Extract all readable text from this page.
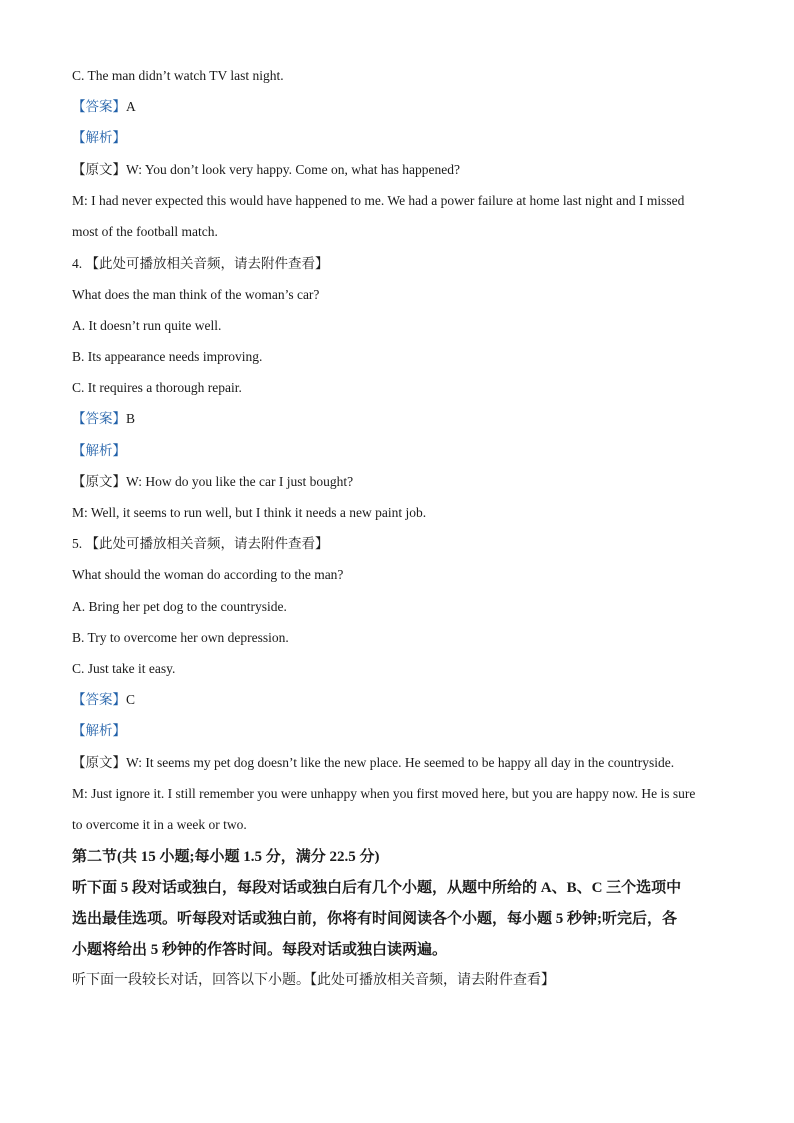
C. The man didn’t watch TV last night.

【答案】A

【解析】

【原文】W: You don’t look very happy. Come on, what has happened?

M: I had never expected this would have happened to me. We had a power failure at home last night and I missed

most of the football match.

4. 【此处可播放相关音频，请去附件查看】

What does the man think of the woman’s car?

A. It doesn’t run quite well.

B. Its appearance needs improving.

C. It requires a thorough repair.

【答案】B

【解析】

【原文】W: How do you like the car I just bought?

M: Well, it seems to run well, but I think it needs a new paint job.

5. 【此处可播放相关音频，请去附件查看】

What should the woman do according to the man?

A. Bring her pet dog to the countryside.

B. Try to overcome her own depression.

C. Just take it easy.

【答案】C

【解析】

【原文】W: It seems my pet dog doesn’t like the new place. He seemed to be happy all day in the countryside.

M: Just ignore it. I still remember you were unhappy when you first moved here, but you are happy now. He is sure

to overcome it in a week or two.

第二节(共 15 小题;每小题 1.5 分，满分 22.5 分)

听下面 5 段对话或独白，每段对话或独白后有几个小题，从题中所给的 A、B、C 三个选项中

选出最佳选项。听每段对话或独白前，你将有时间阅读各个小题，每小题 5 秒钟;听完后，各

小题将给出 5 秒钟的作答时间。每段对话或独白读两遍。

听下面一段较长对话，回答以下小题。【此处可播放相关音频，请去附件查看】
